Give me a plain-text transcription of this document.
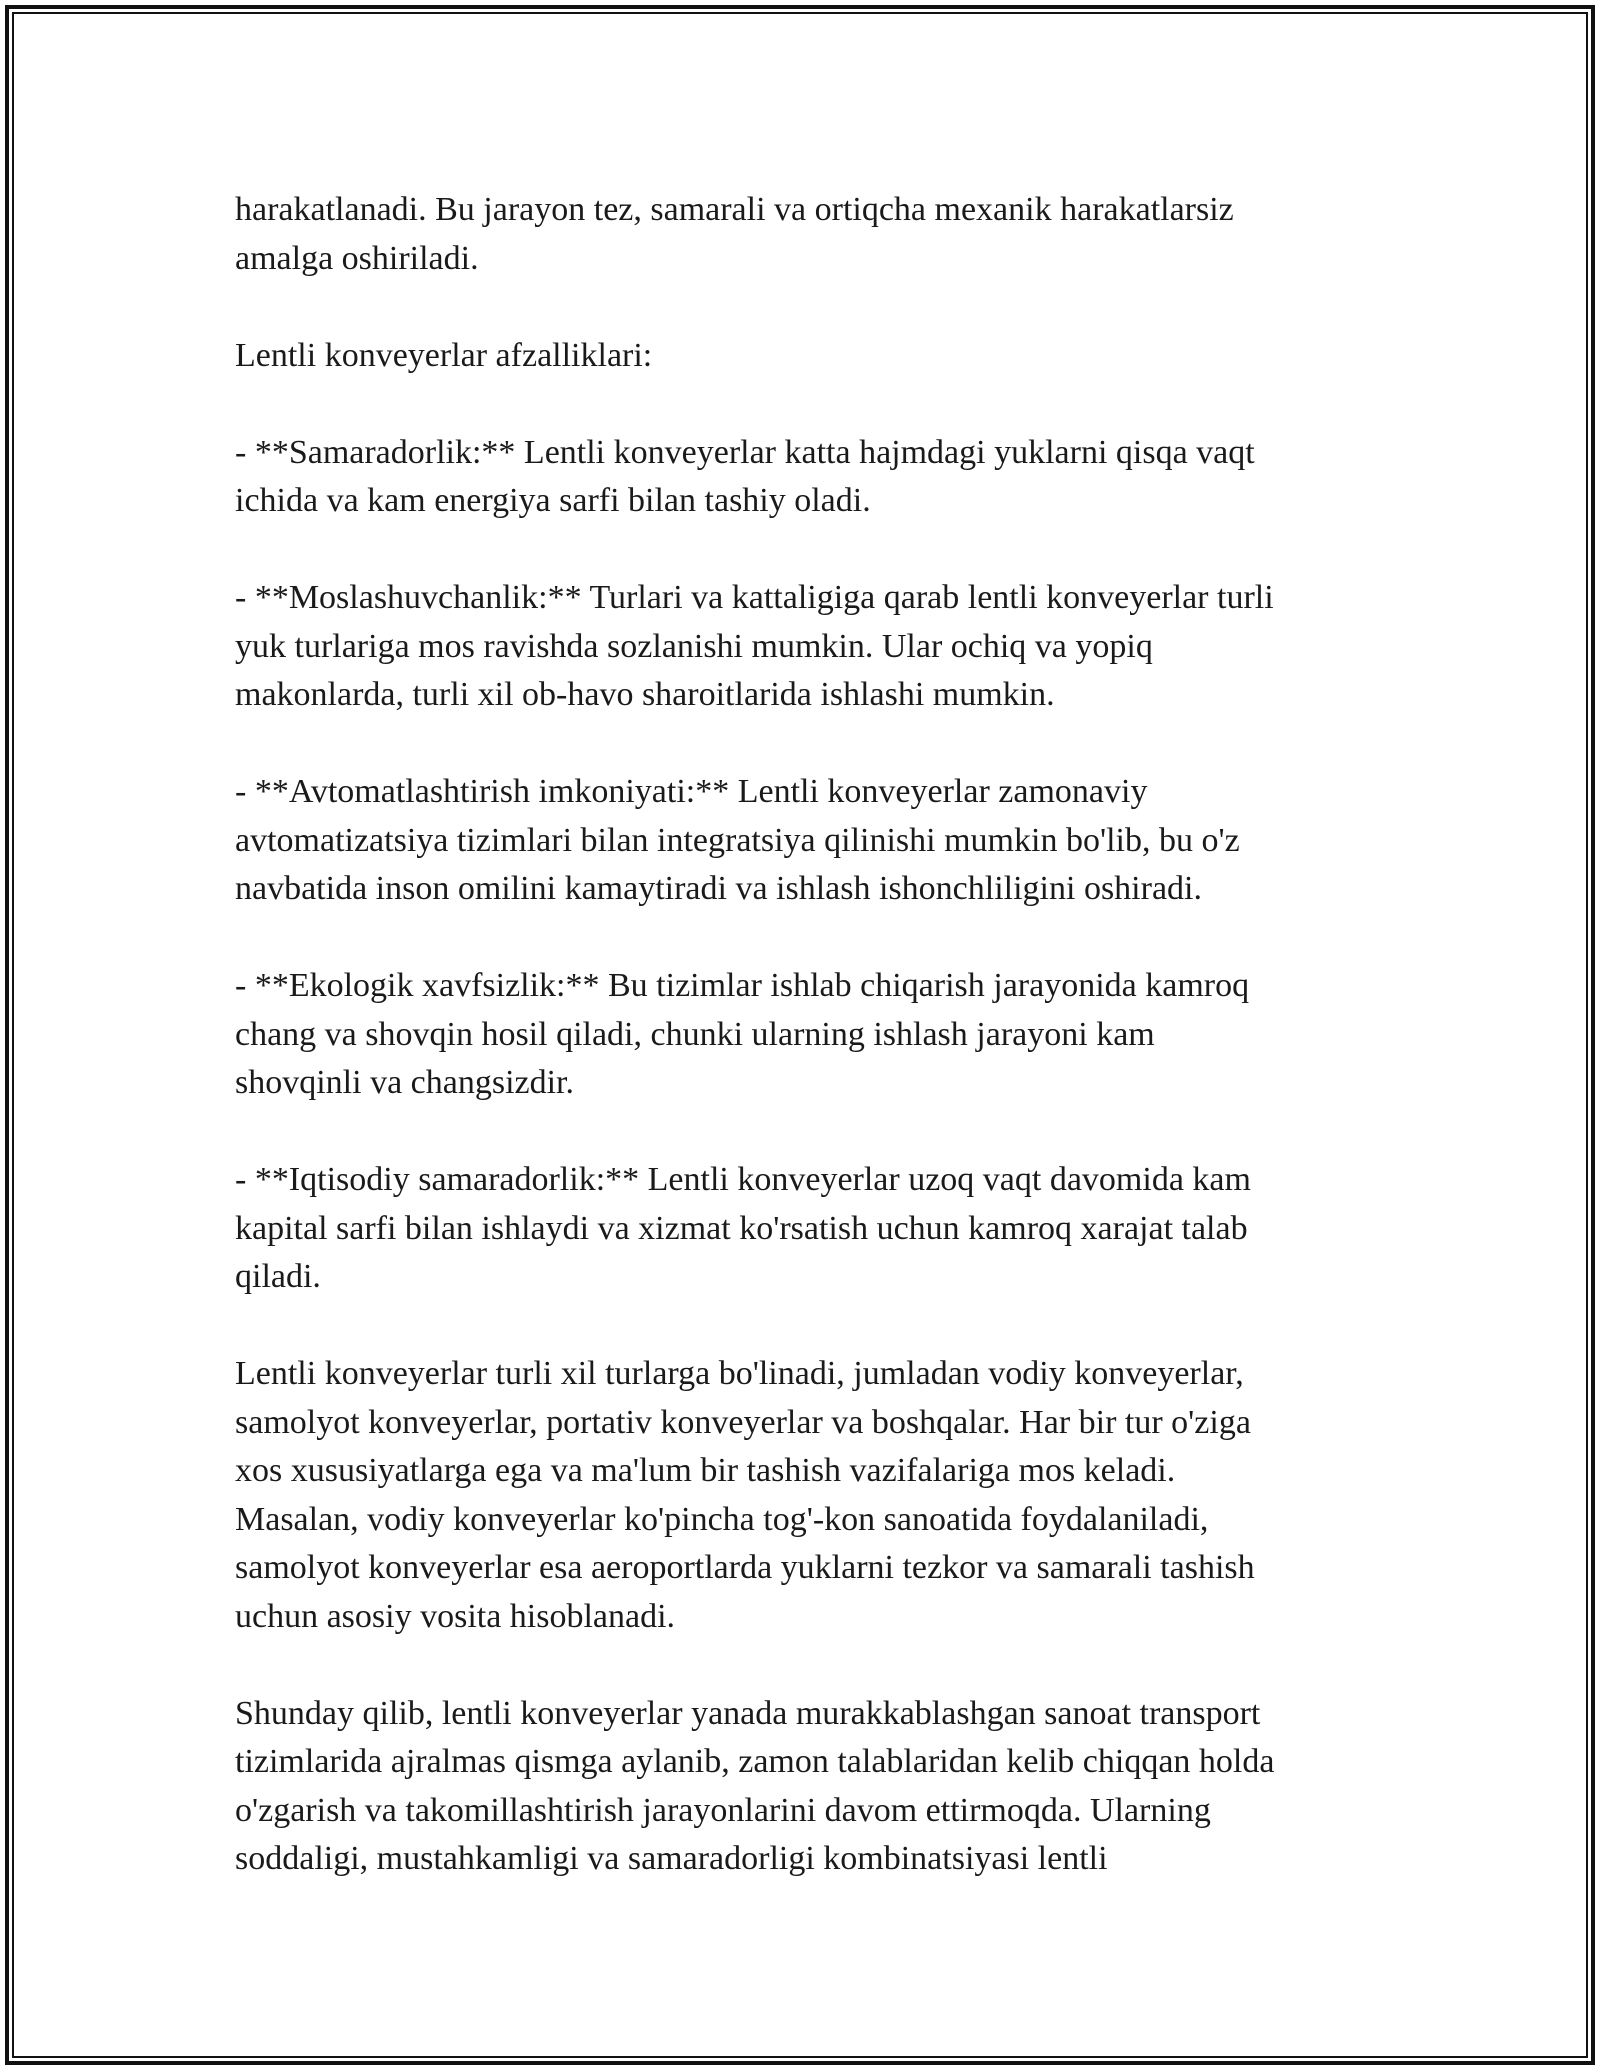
harakatlanadi. Bu jarayon tez, samarali va ortiqcha mexanik harakatlarsiz
amalga oshiriladi.

Lentli konveyerlar afzalliklari:

- **Samaradorlik:** Lentli konveyerlar katta hajmdagi yuklarni qisqa vaqt
ichida va kam energiya sarfi bilan tashiy oladi.

- **Moslashuvchanlik:** Turlari va kattaligiga qarab lentli konveyerlar turli
yuk turlariga mos ravishda sozlanishi mumkin. Ular ochiq va yopiq
makonlarda, turli xil ob-havo sharoitlarida ishlashi mumkin.

- **Avtomatlashtirish imkoniyati:** Lentli konveyerlar zamonaviy
avtomatizatsiya tizimlari bilan integratsiya qilinishi mumkin bo'lib, bu o'z
navbatida inson omilini kamaytiradi va ishlash ishonchliligini oshiradi.

- **Ekologik xavfsizlik:** Bu tizimlar ishlab chiqarish jarayonida kamroq
chang va shovqin hosil qiladi, chunki ularning ishlash jarayoni kam
shovqinli va changsizdir.

- **Iqtisodiy samaradorlik:** Lentli konveyerlar uzoq vaqt davomida kam
kapital sarfi bilan ishlaydi va xizmat ko'rsatish uchun kamroq xarajat talab
qiladi.

Lentli konveyerlar turli xil turlarga bo'linadi, jumladan vodiy konveyerlar,
samolyot konveyerlar, portativ konveyerlar va boshqalar. Har bir tur o'ziga
xos xususiyatlarga ega va ma'lum bir tashish vazifalariga mos keladi.
Masalan, vodiy konveyerlar ko'pincha tog'-kon sanoatida foydalaniladi,
samolyot konveyerlar esa aeroportlarda yuklarni tezkor va samarali tashish
uchun asosiy vosita hisoblanadi.

Shunday qilib, lentli konveyerlar yanada murakkablashgan sanoat transport
tizimlarida ajralmas qismga aylanib, zamon talablaridan kelib chiqqan holda
o'zgarish va takomillashtirish jarayonlarini davom ettirmoqda. Ularning
soddaligi, mustahkamligi va samaradorligi kombinatsiyasi lentli
